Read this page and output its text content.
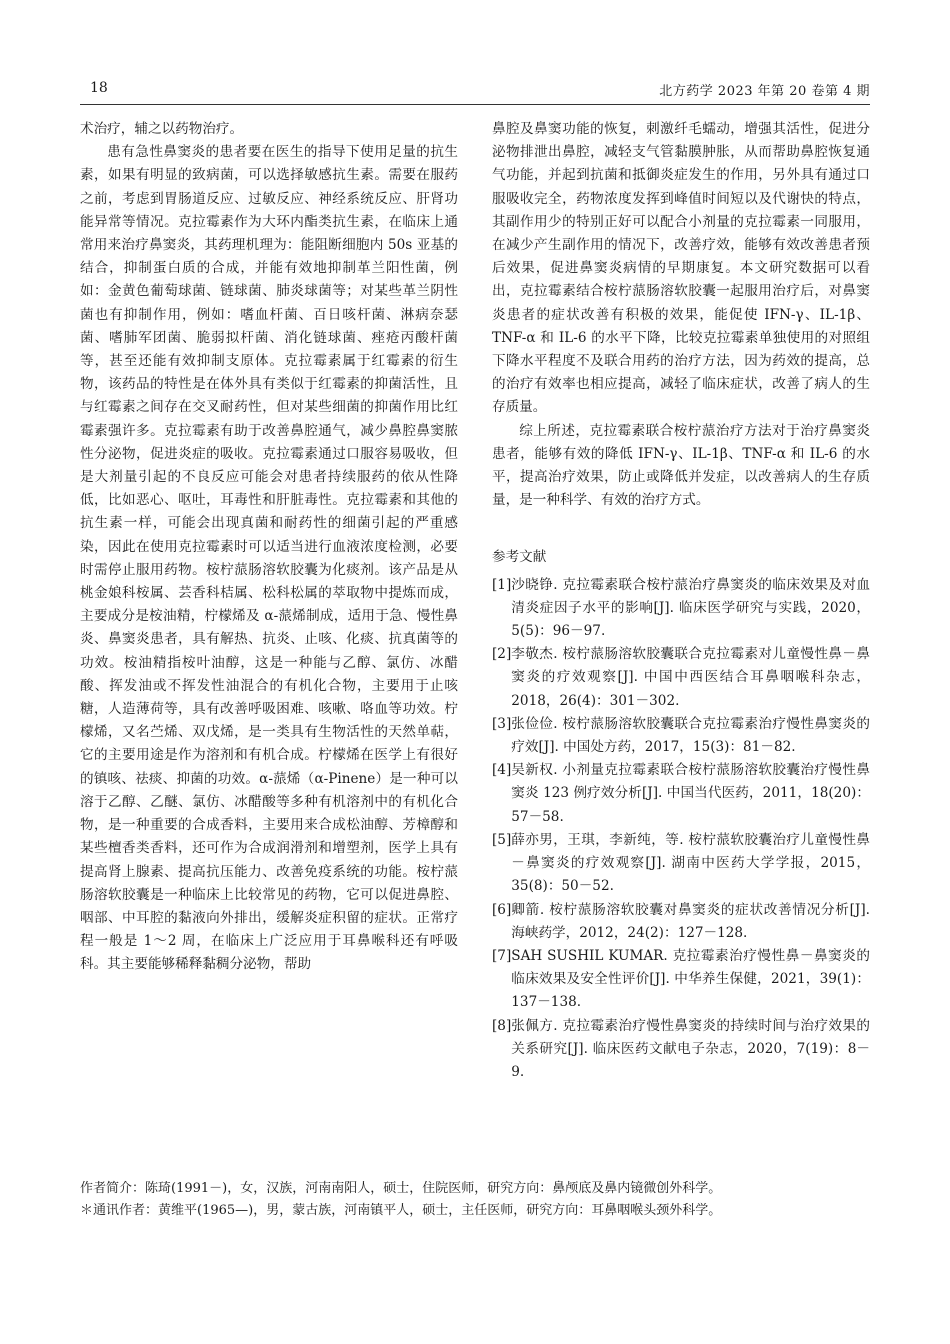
18	北方药学 2023 年第 20 卷第 4 期

术治疗，辅之以药物治疗。

患有急性鼻窦炎的患者要在医生的指导下使用足量的抗生素，如果有明显的致病菌，可以选择敏感抗生素。需要在服药之前，考虑到胃肠道反应、过敏反应、神经系统反应、肝肾功能异常等情况。克拉霉素作为大环内酯类抗生素，在临床上通常用来治疗鼻窦炎，其药理机理为：能阻断细胞内 50s 亚基的结合，抑制蛋白质的合成，并能有效地抑制革兰阳性菌，例如：金黄色葡萄球菌、链球菌、肺炎球菌等；对某些革兰阴性菌也有抑制作用，例如：嗜血杆菌、百日咳杆菌、淋病奈瑟菌、嗜肺军团菌、脆弱拟杆菌、消化链球菌、痤疮丙酸杆菌等，甚至还能有效抑制支原体。克拉霉素属于红霉素的衍生物，该药品的特性是在体外具有类似于红霉素的抑菌活性，且与红霉素之间存在交叉耐药性，但对某些细菌的抑菌作用比红霉素强许多。克拉霉素有助于改善鼻腔通气，减少鼻腔鼻窦脓性分泌物，促进炎症的吸收。克拉霉素通过口服容易吸收，但是大剂量引起的不良反应可能会对患者持续服药的依从性降低，比如恶心、呕吐，耳毒性和肝脏毒性。克拉霉素和其他的抗生素一样，可能会出现真菌和耐药性的细菌引起的严重感染，因此在使用克拉霉素时可以适当进行血液浓度检测，必要时需停止服用药物。桉柠蒎肠溶软胶囊为化痰剂。该产品是从桃金娘科桉属、芸香科桔属、松科松属的萃取物中提炼而成，主要成分是桉油精，柠檬烯及 α-蒎烯制成，适用于急、慢性鼻炎、鼻窦炎患者，具有解热、抗炎、止咳、化痰、抗真菌等的功效。桉油精指桉叶油醇，这是一种能与乙醇、氯仿、冰醋酸、挥发油或不挥发性油混合的有机化合物，主要用于止咳糖，人造薄荷等，具有改善呼吸困难、咳嗽、咯血等功效。柠檬烯，又名苎烯、双戊烯，是一类具有生物活性的天然单萜，它的主要用途是作为溶剂和有机合成。柠檬烯在医学上有很好的镇咳、祛痰、抑菌的功效。α-蒎烯（α-Pinene）是一种可以溶于乙醇、乙醚、氯仿、冰醋酸等多种有机溶剂中的有机化合物，是一种重要的合成香料，主要用来合成松油醇、芳樟醇和某些檀香类香料，还可作为合成润滑剂和增塑剂，医学上具有提高肾上腺素、提高抗压能力、改善免疫系统的功能。桉柠蒎肠溶软胶囊是一种临床上比较常见的药物，它可以促进鼻腔、咽部、中耳腔的黏液向外排出，缓解炎症积留的症状。正常疗程一般是 1～2 周，在临床上广泛应用于耳鼻喉科还有呼吸科。其主要能够稀释黏稠分泌物，帮助

鼻腔及鼻窦功能的恢复，刺激纤毛蠕动，增强其活性，促进分泌物排泄出鼻腔，减轻支气管黏膜肿胀，从而帮助鼻腔恢复通气功能，并起到抗菌和抵御炎症发生的作用，另外具有通过口服吸收完全，药物浓度发挥到峰值时间短以及代谢快的特点，其副作用少的特别正好可以配合小剂量的克拉霉素一同服用，在减少产生副作用的情况下，改善疗效，能够有效改善患者预后效果，促进鼻窦炎病情的早期康复。本文研究数据可以看出，克拉霉素结合桉柠蒎肠溶软胶囊一起服用治疗后，对鼻窦炎患者的症状改善有积极的效果，能促使 IFN-γ、IL-1β、TNF-α 和 IL-6 的水平下降，比较克拉霉素单独使用的对照组下降水平程度不及联合用药的治疗方法，因为药效的提高，总的治疗有效率也相应提高，减轻了临床症状，改善了病人的生存质量。

综上所述，克拉霉素联合桉柠蒎治疗方法对于治疗鼻窦炎患者，能够有效的降低 IFN-γ、IL-1β、TNF-α 和 IL-6 的水平，提高治疗效果，防止或降低并发症，以改善病人的生存质量，是一种科学、有效的治疗方式。

参考文献

[1] 沙晓铮. 克拉霉素联合桉柠蒎治疗鼻窦炎的临床效果及对血清炎症因子水平的影响[J]. 临床医学研究与实践，2020，5(5)：96－97.
[2] 李敬杰. 桉柠蒎肠溶软胶囊联合克拉霉素对儿童慢性鼻－鼻窦炎的疗效观察[J]. 中国中西医结合耳鼻咽喉科杂志，2018，26(4)：301－302.
[3] 张俭俭. 桉柠蒎肠溶软胶囊联合克拉霉素治疗慢性鼻窦炎的疗效[J]. 中国处方药，2017，15(3)：81－82.
[4] 吴新权. 小剂量克拉霉素联合桉柠蒎肠溶软胶囊治疗慢性鼻窦炎 123 例疗效分析[J]. 中国当代医药，2011，18(20)：57－58.
[5] 薛亦男，王琪，李新纯，等. 桉柠蒎软胶囊治疗儿童慢性鼻－鼻窦炎的疗效观察[J]. 湖南中医药大学学报，2015，35(8)：50－52.
[6] 卿箭. 桉柠蒎肠溶软胶囊对鼻窦炎的症状改善情况分析[J]. 海峡药学，2012，24(2)：127－128.
[7] SAH SUSHIL KUMAR. 克拉霉素治疗慢性鼻－鼻窦炎的临床效果及安全性评价[J]. 中华养生保健，2021，39(1)：137－138.
[8] 张佩方. 克拉霉素治疗慢性鼻窦炎的持续时间与治疗效果的关系研究[J]. 临床医药文献电子杂志，2020，7(19)：8－9.

作者简介：陈琦(1991－)，女，汉族，河南南阳人，硕士，住院医师，研究方向：鼻颅底及鼻内镜微创外科学。

＊通讯作者：黄维平(1965—)，男，蒙古族，河南镇平人，硕士，主任医师，研究方向：耳鼻咽喉头颈外科学。
